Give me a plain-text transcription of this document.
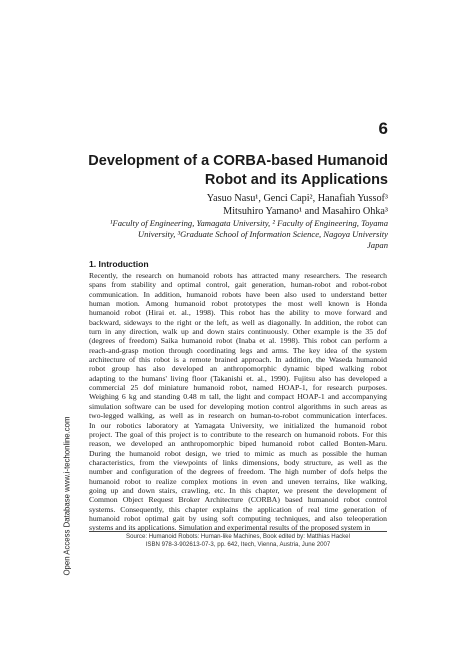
6
Development of a CORBA-based Humanoid
Robot and its Applications
Yasuo Nasu¹, Genci Capi², Hanafiah Yussof³
Mitsuhiro Yamano¹ and Masahiro Ohka³
¹Faculty of Engineering, Yamagata University, ² Faculty of Engineering, Toyama
University, ³Graduate School of Information Science, Nagoya University
Japan
1. Introduction
Recently, the research on humanoid robots has attracted many researchers. The research
spans from stability and optimal control, gait generation, human-robot and robot-robot
communication. In addition, humanoid robots have been also used to understand better
human motion. Among humanoid robot prototypes the most well known is Honda
humanoid robot (Hirai et. al., 1998). This robot has the ability to move forward and
backward, sideways to the right or the left, as well as diagonally. In addition, the robot can
turn in any direction, walk up and down stairs continuously. Other example is the 35 dof
(degrees of freedom) Saika humanoid robot (Inaba et al. 1998). This robot can perform a
reach-and-grasp motion through coordinating legs and arms. The key idea of the system
architecture of this robot is a remote brained approach. In addition, the Waseda humanoid
robot group has also developed an anthropomorphic dynamic biped walking robot
adapting to the humans' living floor (Takanishi et. al., 1990). Fujitsu also has developed a
commercial 25 dof miniature humanoid robot, named HOAP-1, for research purposes.
Weighing 6 kg and standing 0.48 m tall, the light and compact HOAP-1 and accompanying
simulation software can be used for developing motion control algorithms in such areas as
two-legged walking, as well as in research on human-to-robot communication interfaces.
In our robotics laboratory at Yamagata University, we initialized the humanoid robot
project. The goal of this project is to contribute to the research on humanoid robots. For this
reason, we developed an anthropomorphic biped humanoid robot called Bonten-Maru.
During the humanoid robot design, we tried to mimic as much as possible the human
characteristics, from the viewpoints of links dimensions, body structure, as well as the
number and configuration of the degrees of freedom. The high number of dofs helps the
humanoid robot to realize complex motions in even and uneven terrains, like walking,
going up and down stairs, crawling, etc. In this chapter, we present the development of
Common Object Request Broker Architecture (CORBA) based humanoid robot control
systems. Consequently, this chapter explains the application of real time generation of
humanoid robot optimal gait by using soft computing techniques, and also teleoperation
systems and its applications. Simulation and experimental results of the proposed system in
Open Access Database www.i-techonline.com	Source: Humanoid Robots: Human-like Machines, Book edited by: Matthias Hackel
ISBN 978-3-902613-07-3, pp. 642, Itech, Vienna, Austria, June 2007
